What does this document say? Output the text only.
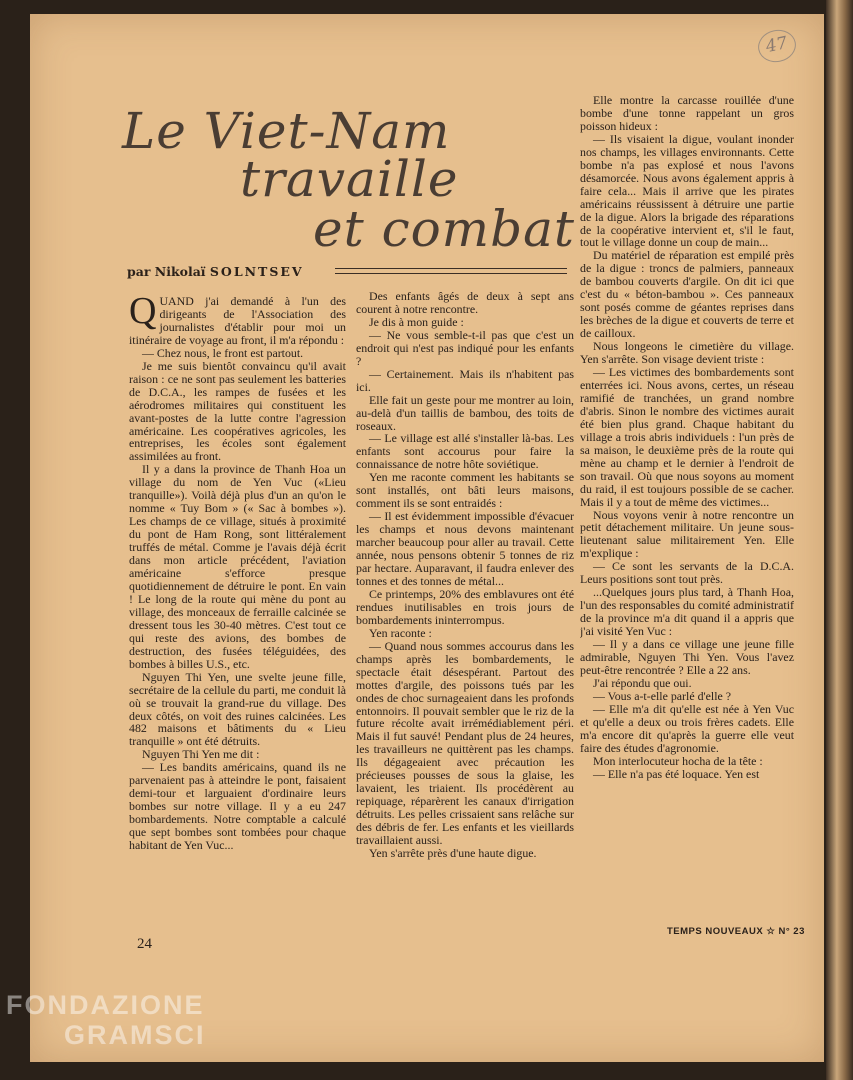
47
Le Viet-Nam
travaille
et combat
par Nikolaï SOLNTSEV

QUAND j'ai demandé à l'un des dirigeants de l'Association des journalistes d'établir pour moi un itinéraire de voyage au front, il m'a répondu :

— Chez nous, le front est partout.

Je me suis bientôt convaincu qu'il avait raison : ce ne sont pas seulement les batteries de D.C.A., les rampes de fusées et les aérodromes militaires qui constituent les avant-postes de la lutte contre l'agression américaine. Les coopératives agricoles, les entreprises, les écoles sont également assimilées au front.

Il y a dans la province de Thanh Hoa un village du nom de Yen Vuc («Lieu tranquille»). Voilà déjà plus d'un an qu'on le nomme « Tuy Bom » (« Sac à bombes »). Les champs de ce village, situés à proximité du pont de Ham Rong, sont littéralement truffés de métal. Comme je l'avais déjà écrit dans mon article précédent, l'aviation américaine s'efforce presque quotidiennement de détruire le pont. En vain ! Le long de la route qui mène du pont au village, des monceaux de ferraille calcinée se dressent tous les 30-40 mètres. C'est tout ce qui reste des avions, des bombes de destruction, des fusées téléguidées, des bombes à billes U.S., etc.

Nguyen Thi Yen, une svelte jeune fille, secrétaire de la cellule du parti, me conduit là où se trouvait la grand-rue du village. Des deux côtés, on voit des ruines calcinées. Les 482 maisons et bâtiments du « Lieu tranquille » ont été détruits.

Nguyen Thi Yen me dit :

— Les bandits américains, quand ils ne parvenaient pas à atteindre le pont, faisaient demi-tour et larguaient d'ordinaire leurs bombes sur notre village. Il y a eu 247 bombardements. Notre comptable a calculé que sept bombes sont tombées pour chaque habitant de Yen Vuc...

Des enfants âgés de deux à sept ans courent à notre rencontre.

Je dis à mon guide :

— Ne vous semble-t-il pas que c'est un endroit qui n'est pas indiqué pour les enfants ?

— Certainement. Mais ils n'habitent pas ici.

Elle fait un geste pour me montrer au loin, au-delà d'un taillis de bambou, des toits de roseaux.

— Le village est allé s'installer là-bas. Les enfants sont accourus pour faire la connaissance de notre hôte soviétique.

Yen me raconte comment les habitants se sont installés, ont bâti leurs maisons, comment ils se sont entraidés :

— Il est évidemment impossible d'évacuer les champs et nous devons maintenant marcher beaucoup pour aller au travail. Cette année, nous pensons obtenir 5 tonnes de riz par hectare. Auparavant, il faudra enlever des tonnes et des tonnes de métal...

Ce printemps, 20% des emblavures ont été rendues inutilisables en trois jours de bombardements ininterrompus.

Yen raconte :

— Quand nous sommes accourus dans les champs après les bombardements, le spectacle était désespérant. Partout des mottes d'argile, des poissons tués par les ondes de choc surnageaient dans les profonds entonnoirs. Il pouvait sembler que le riz de la future récolte avait irrémédiablement péri. Mais il fut sauvé! Pendant plus de 24 heures, les travailleurs ne quittèrent pas les champs. Ils dégageaient avec précaution les précieuses pousses de sous la glaise, les lavaient, les triaient. Ils procédèrent au repiquage, réparèrent les canaux d'irrigation détruits. Les pelles crissaient sans relâche sur des débris de fer. Les enfants et les vieillards travaillaient aussi.

Yen s'arrête près d'une haute digue.

Elle montre la carcasse rouillée d'une bombe d'une tonne rappelant un gros poisson hideux :

— Ils visaient la digue, voulant inonder nos champs, les villages environnants. Cette bombe n'a pas explosé et nous l'avons désamorcée. Nous avons également appris à faire cela... Mais il arrive que les pirates américains réussissent à détruire une partie de la digue. Alors la brigade des réparations de la coopérative intervient et, s'il le faut, tout le village donne un coup de main...

Du matériel de réparation est empilé près de la digue : troncs de palmiers, panneaux de bambou couverts d'argile. On dit ici que c'est du « béton-bambou ». Ces panneaux sont posés comme de géantes reprises dans les brèches de la digue et couverts de terre et de cailloux.

Nous longeons le cimetière du village. Yen s'arrête. Son visage devient triste :

— Les victimes des bombardements sont enterrées ici. Nous avons, certes, un réseau ramifié de tranchées, un grand nombre d'abris. Sinon le nombre des victimes aurait été bien plus grand. Chaque habitant du village a trois abris individuels : l'un près de sa maison, le deuxième près de la route qui mène au champ et le dernier à l'endroit de son travail. Où que nous soyons au moment du raid, il est toujours possible de se cacher. Mais il y a tout de même des victimes...

Nous voyons venir à notre rencontre un petit détachement militaire. Un jeune sous-lieutenant salue militairement Yen. Elle m'explique :

— Ce sont les servants de la D.C.A. Leurs positions sont tout près.

...Quelques jours plus tard, à Thanh Hoa, l'un des responsables du comité administratif de la province m'a dit quand il a appris que j'ai visité Yen Vuc :

— Il y a dans ce village une jeune fille admirable, Nguyen Thi Yen. Vous l'avez peut-être rencontrée ? Elle a 22 ans.

J'ai répondu que oui.

— Vous a-t-elle parlé d'elle ?

— Elle m'a dit qu'elle est née à Yen Vuc et qu'elle a deux ou trois frères cadets. Elle m'a encore dit qu'après la guerre elle veut faire des études d'agronomie.

Mon interlocuteur hocha de la tête :

— Elle n'a pas été loquace. Yen est

24
TEMPS NOUVEAUX ☆ N° 23
FONDAZIONE
GRAMSCI
